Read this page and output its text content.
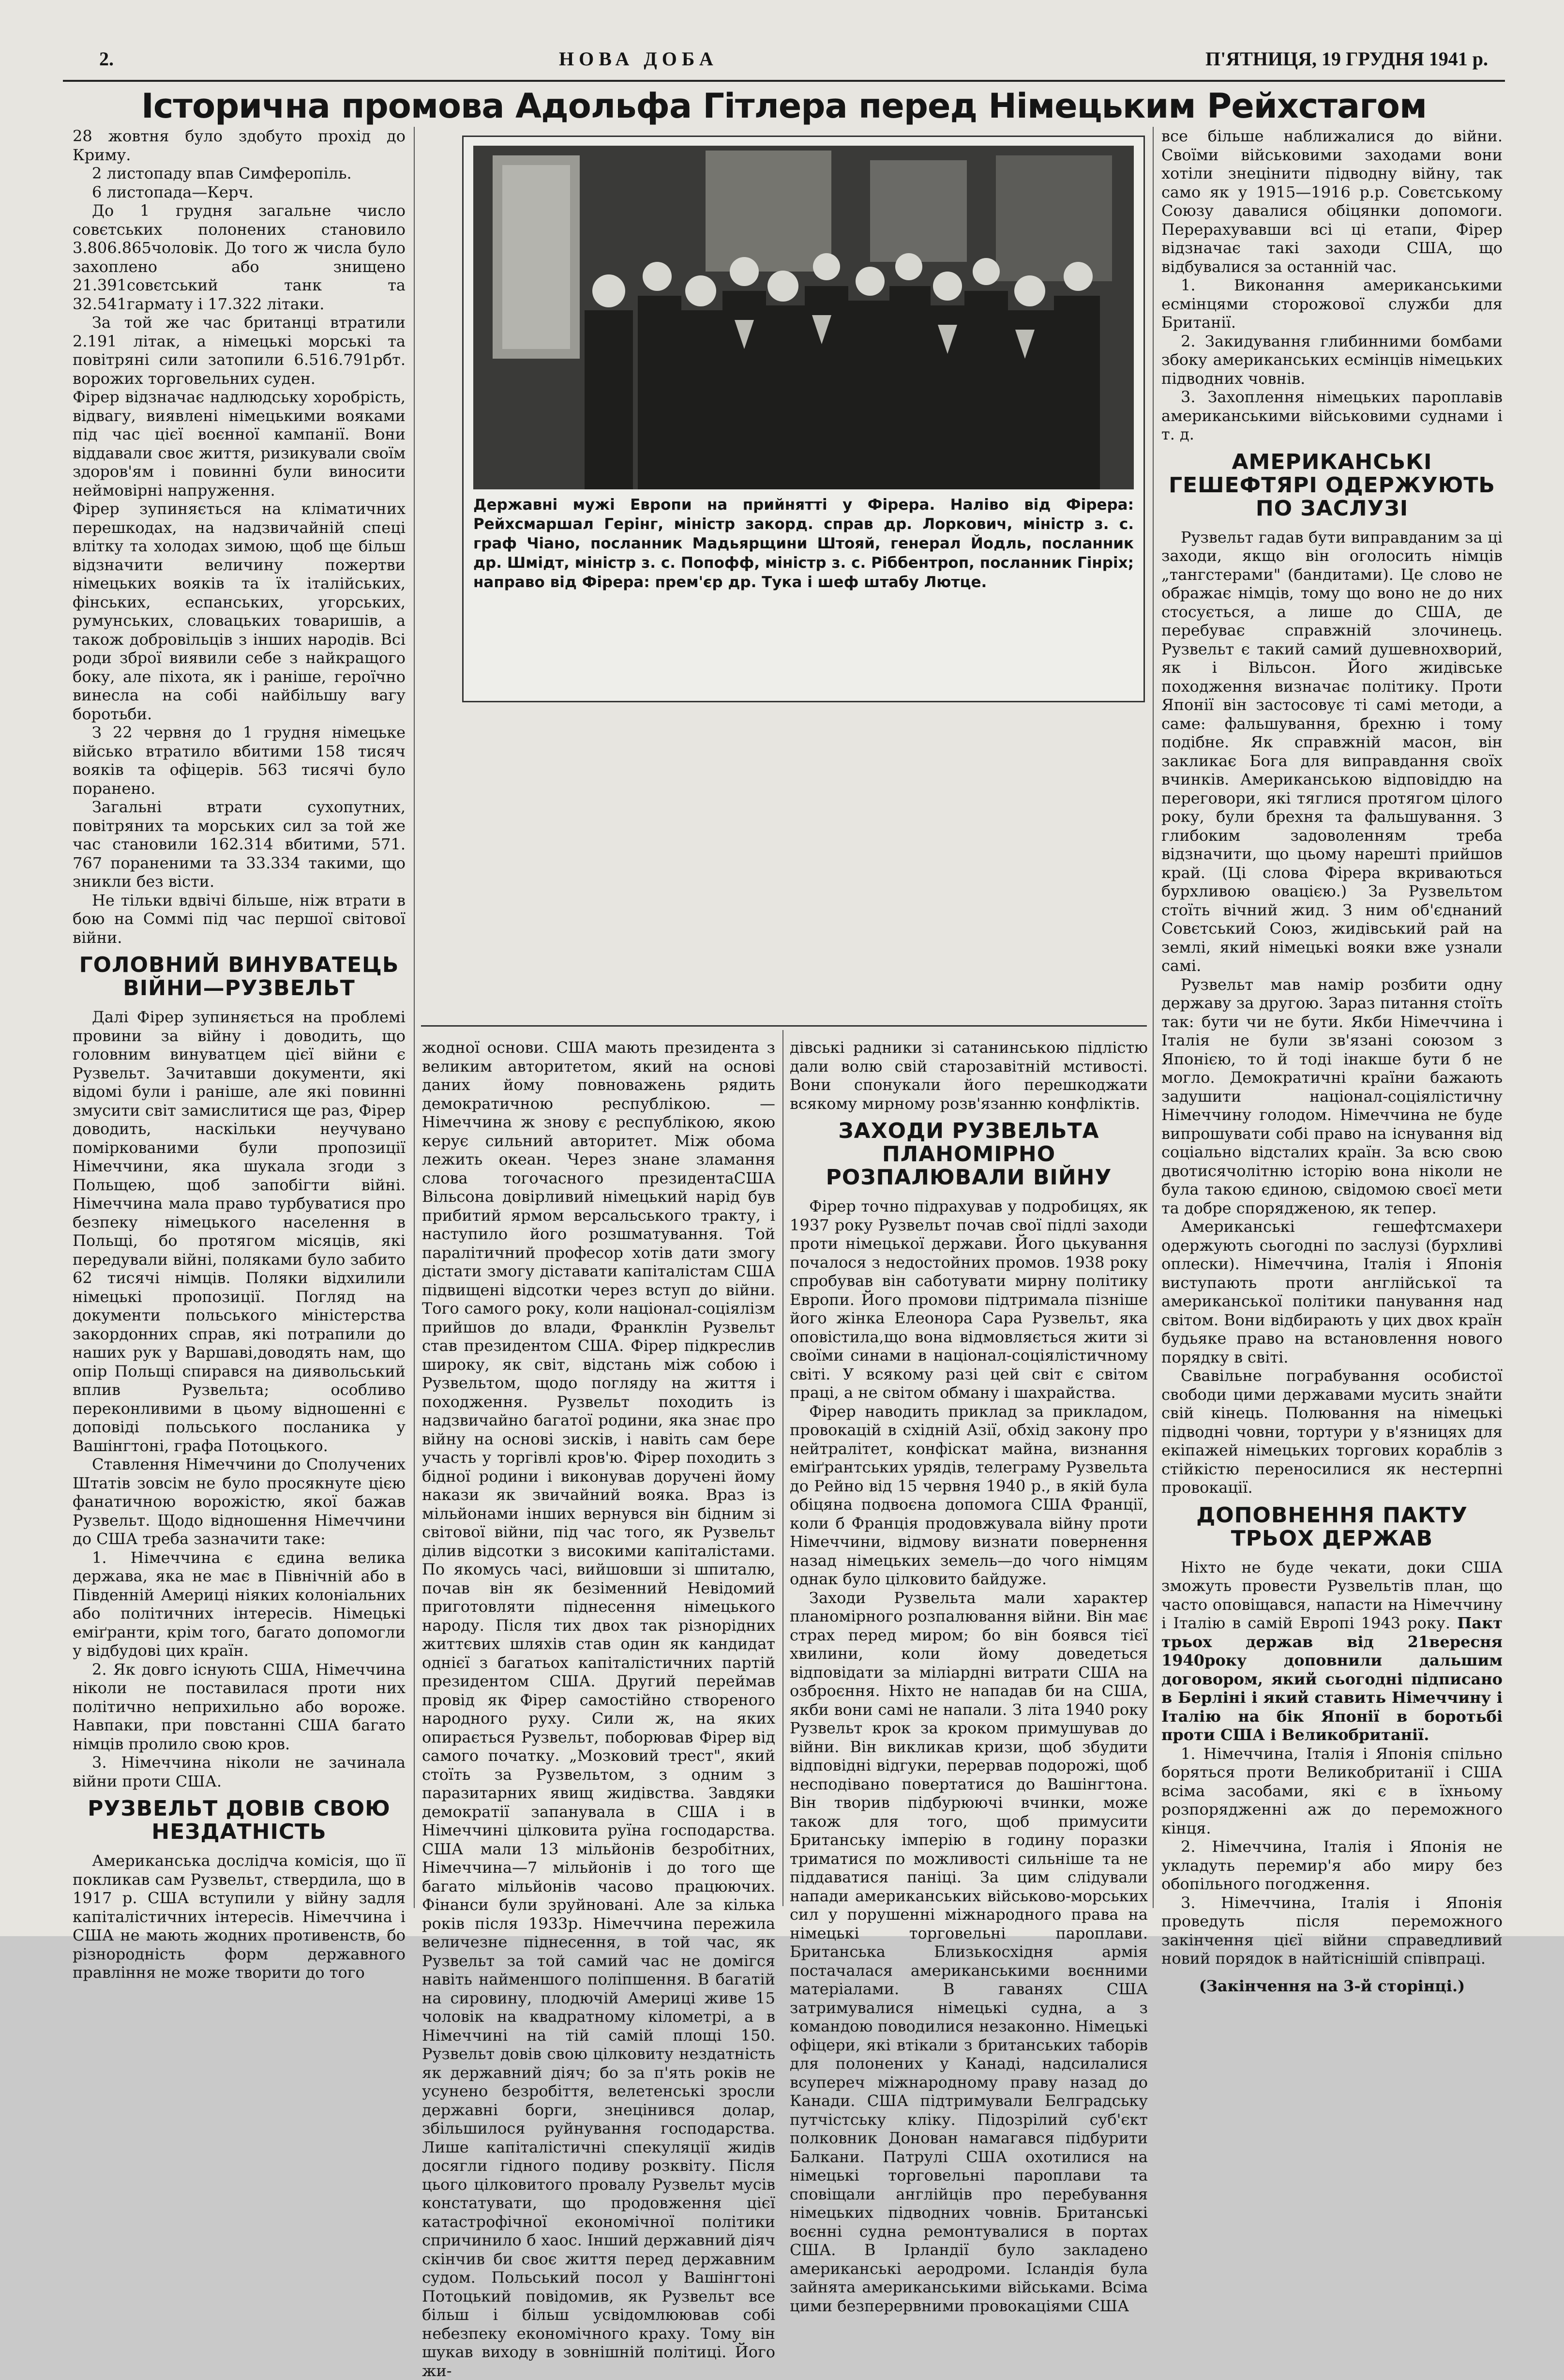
2.	НОВА ДОБА	П'ЯТНИЦЯ, 19 ГРУДНЯ 1941 р.
Історична промова Адольфа Гітлера перед Німецьким Рейхстагом

28 жовтня було здобуто прохід до Криму.

2 листопаду впав Симферопіль.

6 листопада—Керч.

До 1 грудня загальне число совєтських полонених становило 3.806.865чоловік. До того ж числа було захоплено або знищено 21.391совєтський танк та 32.541гармату і 17.322 літаки.

За той же час британці втратили 2.191 літак, а німецькі морські та повітряні сили затопили 6.516.791рбт. ворожих торговельних суден.

Фірер відзначає надлюдську хоробрість, відвагу, виявлені німецькими вояками під час цієї воєнної кампанії. Вони віддавали своє життя, ризикували своїм здоров'ям і повинні були виносити неймовірні напруження.

Фірер зупиняється на кліматичних перешкодах, на надзвичайній спеці влітку та холодах зимою, щоб ще більш відзначити величину пожертви німецьких вояків та їх італійських, фінських, еспанських, угорських, румунських, словацьких товаришів, а також добровільців з інших народів. Всі роди зброї виявили себе з найкращого боку, але піхота, як і раніше, героїчно винесла на собі найбільшу вагу боротьби.

З 22 червня до 1 грудня німецьке військо втратило вбитими 158 тисяч вояків та офіцерів. 563 тисячі було поранено.

Загальні втрати сухопутних, повітряних та морських сил за той же час становили 162.314 вбитими, 571. 767 пораненими та 33.334 такими, що зникли без вісти.

Не тільки вдвічі більше, ніж втрати в бою на Соммі під час першої світової війни.

ГОЛОВНИЙ ВИНУВАТЕЦЬ ВІЙНИ—РУЗВЕЛЬТ

Далі Фірер зупиняється на проблемі провини за війну і доводить, що головним винуватцем цієї війни є Рузвельт. Зачитавши документи, які відомі були і раніше, але які повинні змусити світ замислитися ще раз, Фірер доводить, наскільки неучувано поміркованими були пропозиції Німеччини, яка шукала згоди з Польщею, щоб запобігти війні. Німеччина мала право турбуватися про безпеку німецького населення в Польщі, бо протягом місяців, які передували війні, поляками було забито 62 тисячі німців. Поляки відхилили німецькі пропозиції. Погляд на документи польського міністерства закордонних справ, які потрапили до наших рук у Варшаві,доводять нам, що опір Польщі спирався на диявольський вплив Рузвельта; особливо переконливими в цьому відношенні є доповіді польського посланика у Вашінгтоні, графа Потоцького.

Ставлення Німеччини до Сполучених Штатів зовсім не було просякнуте цією фанатичною ворожістю, якої бажав Рузвельт. Щодо відношення Німеччини до США треба зазначити таке:

1. Німеччина є єдина велика держава, яка не має в Північній або в Південній Америці ніяких колоніальних або політичних інтересів. Німецькі еміґранти, крім того, багато допомогли у відбудові цих країн.

2. Як довго існують США, Німеччина ніколи не поставилася проти них політично неприхильно або вороже. Навпаки, при повстанні США багато німців пролило свою кров.

3. Німеччина ніколи не зачинала війни проти США.

РУЗВЕЛЬТ ДОВІВ СВОЮ НЕЗДАТНІСТЬ

Американська дослідча комісія, що її покликав сам Рузвельт, ствердила, що в 1917 р. США вступили у війну задля капіталістичних інтересів. Німеччина і США не мають жодних противенств, бо різнородність форм державного правління не може творити до того

Державні мужі Европи на прийнятті у Фірера. Наліво від Фірера: Рейхсмаршал Герінг, міністр закорд. справ др. Лоркович, міністр з. с. граф Чіано, посланник Мадьярщини Штояй, генерал Йодль, посланник др. Шмідт, міністр з. с. Попофф, міністр з. с. Ріббентроп, посланник Гінріх; направо від Фірера: прем'єр др. Тука і шеф штабу Лютце.

жодної основи. США мають президента з великим авторитетом, який на основі даних йому повноважень рядить демократичною республікою. — Німеччина ж знову є республікою, якою керує сильний авторитет. Між обома лежить океан. Через знане зламання слова тогочасного президентаСША Вільсона довірливий німецький нарід був прибитий ярмом версальського тракту, і наступило його розшматування. Той паралітичний професор хотів дати змогу дістати змогу діставати капіталістам США підвищені відсотки через вступ до війни. Того самого року, коли націонал-соціялізм прийшов до влади, Франклін Рузвельт став президентом США. Фірер підкреслив широку, як світ, відстань між собою і Рузвельтом, щодо погляду на життя і походження. Рузвельт походить із надзвичайно багатої родини, яка знає про війну на основі зисків, і навіть сам бере участь у торгівлі кров'ю. Фірер походить з бідної родини і виконував доручені йому накази як звичайний вояка. Враз із мільйонами інших вернувся він бідним зі світової війни, під час тогo, як Рузвельт ділив відсотки з високими капіталістами. По якомусь часі, вийшовши зі шпиталю, почав він як безіменний Невідомий приготовляти піднесення німецького народу. Після тих двох так різнорідних життєвих шляхів став один як кандидат однієї з багатьох капіталістичних партій президентом США. Другий переймав провід як Фірер самостійно створеного народного руху. Сили ж, на яких опирається Рузвельт, поборював Фірер від самого початку. „Мозковий трест", який стоїть за Рузвельтом, з одним з паразитарних явищ жидівства. Завдяки демократії запанувала в США і в Німеччині цілковита руїна господарства. США мали 13 мільйонів безробітних, Німеччина—7 мільйонів і до того ще багато мільйонів часово працюючих. Фінанси були зруйновані. Але за кілька років після 1933р. Німеччина пережила величезне піднесення, в той час, як Рузвельт за той самий час не домігся навіть найменшого поліпшення. В багатій на сировину, плодючій Америці живе 15 чоловік на квадратному кілометрі, а в Німеччині на тій самій площі 150. Рузвельт довів свою цілковиту нездатність як державний діяч; бо за п'ять років не усунено безробіття, велетенські зросли державні борги, знецінився долар, збільшилося руйнування господарства. Лише капіталістичні спекуляції жидів досягли гідного подиву розквіту. Після цього цілковитого провалу Рузвельт мусів констатувати, що продовження цієї катастрофічної економічної політики спричинило б хаос. Інший державний діяч скінчив би своє життя перед державним судом. Польський посол у Вашінгтоні Потоцький повідомив, як Рузвельт все більш і більш усвідомлюював собі небезпеку економічного краху. Тому він шукав виходу в зовнішній політиці. Його жи-

дівські радники зі сатанинською підлістю дали волю свій старозавітній мстивості. Вони спонукали його перешкоджати всякому мирному розв'язанню конфліктів.

ЗАХОДИ РУЗВЕЛЬТА ПЛАНОМІРНО РОЗПАЛЮВАЛИ ВІЙНУ

Фірер точно підрахував у подробицях, як 1937 року Рузвельт почав свої підлі заходи проти німецької держави. Його цькування почалося з недостойних промов. 1938 року спробував він саботувати мирну політику Европи. Його промови підтримала пізніше його жінка Елеонора Сара Рузвельт, яка оповістила,що вона відмовляється жити зі своїми синами в націонал-соціялістичному світі. У всякому разі цей світ є світом праці, а не світом обману і шахрайства.

Фірер наводить приклад за прикладом, провокацій в східній Азії, обхід закону про нейтралітет, конфіскат майна, визнання еміґрантських урядів, телеграму Рузвельта до Рейно від 15 червня 1940 р., в якій була обіцяна подвоєна допомога США Франції, коли б Франція продовжувала війну проти Німеччини, відмову визнати повернення назад німецьких земель—до чого німцям однак було цілковито байдуже.

Заходи Рузвельта мали характер планомірного розпалювання війни. Він має страх перед миром; бо він боявся тієї хвилини, коли йому доведеться відповідати за міліардні витрати США на озброєння. Ніхто не нападав би на США, якби вони самі не напали. З літа 1940 року Рузвельт крок за кроком примушував до війни. Він викликав кризи, щоб збудити відповідні відгуки, перервав подорожі, щоб несподівано повертатися до Вашінгтона. Він творив підбурюючі вчинки, може також для того, щоб примусити Британську імперію в годину поразки триматися по можливості сильніше та не піддаватися паніці. За цим слідували напади американських військово-морських сил у порушенні міжнародного права на німецькі торговельні пароплави. Британська Близькосхідня армія постачалася американськими воєнними матеріалами. В гаванях США затримувалися німецькі судна, а з командою поводилися незаконно. Німецькі офіцери, які втікали з британських таборів для полонених у Канаді, надсилалися всупереч міжнародному праву назад до Канади. США підтримували Белградську путчістську кліку. Підозрілий суб'єкт полковник Донован намагався підбурити Балкани. Патрулі США охотилися на німецькі торговельні пароплави та сповіщали англійців про перебування німецьких підводних човнів. Британські воєнні судна ремонтувалися в портах США. В Ірландії було закладено американські аеродроми. Ісландія була зайнята американськими військами. Всіма цими безперервними провокаціями США

все більше наближалися до війни. Своїми військовими заходами вони хотіли знецінити підводну війну, так само як у 1915—1916 р.р. Совєтському Союзу давалися обіцянки допомоги. Перерахувавши всі ці етапи, Фірер відзначає такі заходи США, що відбувалися за останній час.

1. Виконання американськими есмінцями сторожової служби для Британії.

2. Закидування глибинними бомбами збоку американських есмінців німецьких підводних човнів.

3. Захоплення німецьких пароплавів американськими військовими суднами і т. д.

АМЕРИКАНСЬКІ ГЕШЕФТЯРІ ОДЕРЖУЮТЬ ПО ЗАСЛУЗІ

Рузвельт гадав бути виправданим за ці заходи, якщо він оголосить німців „тангстерами" (бандитами). Це слово не ображає німців, тому що воно не до них стосується, а лише до США, де перебуває справжній злочинець. Рузвельт є такий самий душевнохворий, як і Вільсон. Його жидівське походження визначає політику. Проти Японії він застосовує ті самі методи, а саме: фальшування, брехню і тому подібне. Як справжній масон, він закликає Бога для виправдання своїх вчинків. Американською відповіддю на переговори, які тяглися протягом цілого року, були брехня та фальшування. З глибоким задоволенням треба відзначити, що цьому нарешті прийшов край. (Ці слова Фірера вкриваються бурхливою овацією.) За Рузвельтом стоїть вічний жид. З ним об'єднаний Совєтський Союз, жидівський рай на землі, який німецькі вояки вже узнали самі.

Рузвельт мав намір розбити одну державу за другою. Зараз питання стоїть так: бути чи не бути. Якби Німеччина і Італія не були зв'язані союзом з Японією, то й тоді інакше бути б не могло. Демократичні країни бажають задушити націонал-соціялістичну Німеччину голодом. Німеччина не буде випрошувати собі право на існування від соціально відсталих країн. За всю свою двотисячолітню історію вона ніколи не була такою єдиною, свідомою своєї мети та добре спорядженою, як тепер.

Американські гешефтсмахери одержують сьогодні по заслузі (бурхливі оплески). Німеччина, Італія і Японія виступають проти англійської та американської політики панування над світом. Вони відбирають у цих двох країн будьяке право на встановлення нового порядку в світі.

Свавільне пограбування особистої свободи цими державами мусить знайти свій кінець. Полювання на німецькі підводні човни, тортури у в'язницях для екіпажей німецьких торгових кораблів з стійкістю переносилися як нестерпні провокації.

ДОПОВНЕННЯ ПАКТУ ТРЬОХ ДЕРЖАВ

Ніхто не буде чекати, доки США зможуть провести Рузвельтів план, що часто оповіщався, напасти на Німеччину і Італію в самій Европі 1943 року. Пакт трьох держав від 21вересня 1940року доповнили дальшим договором, який сьогодні підписано в Берліні і який ставить Німеччину і Італію на бік Японії в боротьбі проти США і Великобританії.

1. Німеччина, Італія і Японія спільно боряться проти Великобританії і США всіма засобами, які є в їхньому розпорядженні аж до переможного кінця.

2. Німеччина, Італія і Японія не укладуть перемир'я або миру без обопільного погодження.

3. Німеччина, Італія і Японія проведуть після переможного закінчення цієї війни справедливий новий порядок в найтіснішій співпраці.

(Закінчення на 3-й сторінці.)
